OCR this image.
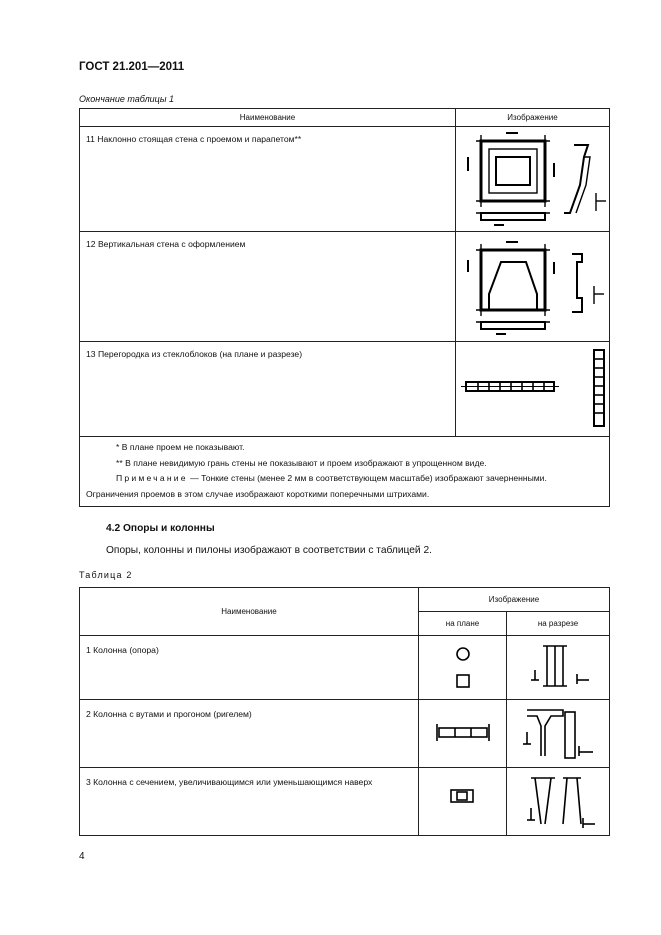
ГОСТ 21.201—2011
Окончание таблицы 1
Наименование	Изображение
11 Наклонно стоящая стена с проемом и парапетом**	

12 Вертикальная стена с оформлением	

13 Перегородка из стеклоблоков (на плане и разрезе)	

* В плане проем не показывают.
** В плане невидимую грань стены не показывают и проем изображают в упрощенном виде.
Примечание — Тонкие стены (менее 2 мм в соответствующем масштабе) изображают зачерненными.
Ограничения проемов в этом случае изображают короткими поперечными штрихами.	
4.2 Опоры и колонны
Опоры, колонны и пилоны изображают в соответствии с таблицей 2.
Таблица 2
Наименование	Изображение	
	на плане	на разрезе
1 Колонна (опора)	

2 Колонна с вутами и прогоном (ригелем)	

3 Колонна с сечением, увеличивающимся или уменьшающимся наверх	

4
